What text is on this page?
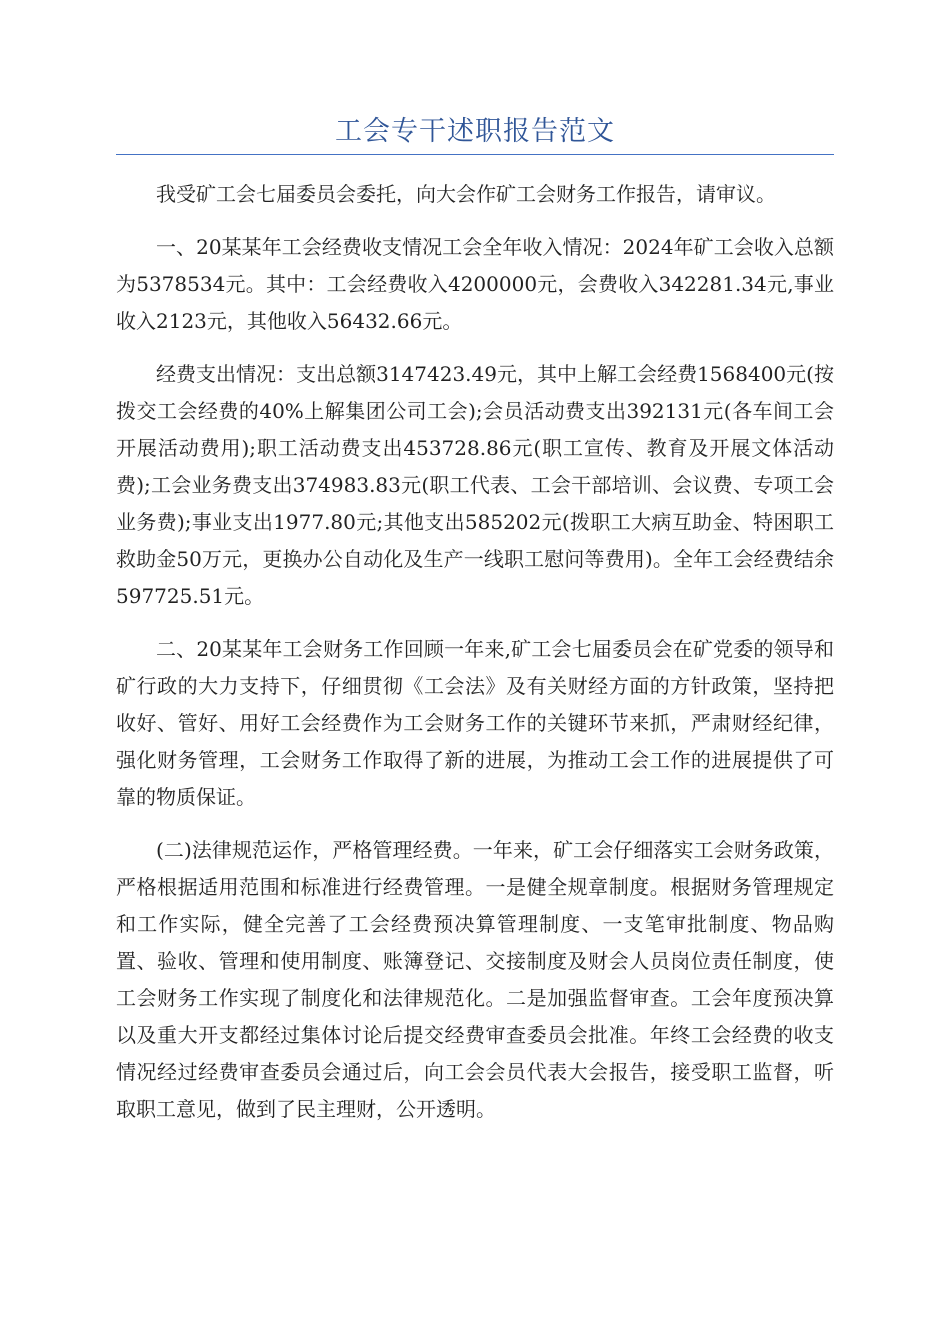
工会专干述职报告范文

我受矿工会七届委员会委托，向大会作矿工会财务工作报告，请审议。

一、20某某年工会经费收支情况工会全年收入情况：2024年矿工会收入总额为5378534元。其中：工会经费收入4200000元，会费收入342281.34元,事业收入2123元，其他收入56432.66元。

经费支出情况：支出总额3147423.49元，其中上解工会经费1568400元(按拨交工会经费的40%上解集团公司工会);会员活动费支出392131元(各车间工会开展活动费用);职工活动费支出453728.86元(职工宣传、教育及开展文体活动费);工会业务费支出374983.83元(职工代表、工会干部培训、会议费、专项工会业务费);事业支出1977.80元;其他支出585202元(拨职工大病互助金、特困职工救助金50万元，更换办公自动化及生产一线职工慰问等费用)。全年工会经费结余597725.51元。

二、20某某年工会财务工作回顾一年来,矿工会七届委员会在矿党委的领导和矿行政的大力支持下，仔细贯彻《工会法》及有关财经方面的方针政策，坚持把收好、管好、用好工会经费作为工会财务工作的关键环节来抓，严肃财经纪律，强化财务管理，工会财务工作取得了新的进展，为推动工会工作的进展提供了可靠的物质保证。

(二)法律规范运作，严格管理经费。一年来，矿工会仔细落实工会财务政策，严格根据适用范围和标准进行经费管理。一是健全规章制度。根据财务管理规定和工作实际，健全完善了工会经费预决算管理制度、一支笔审批制度、物品购置、验收、管理和使用制度、账簿登记、交接制度及财会人员岗位责任制度，使工会财务工作实现了制度化和法律规范化。二是加强监督审查。工会年度预决算以及重大开支都经过集体讨论后提交经费审查委员会批准。年终工会经费的收支情况经过经费审查委员会通过后，向工会会员代表大会报告，接受职工监督，听取职工意见，做到了民主理财，公开透明。
